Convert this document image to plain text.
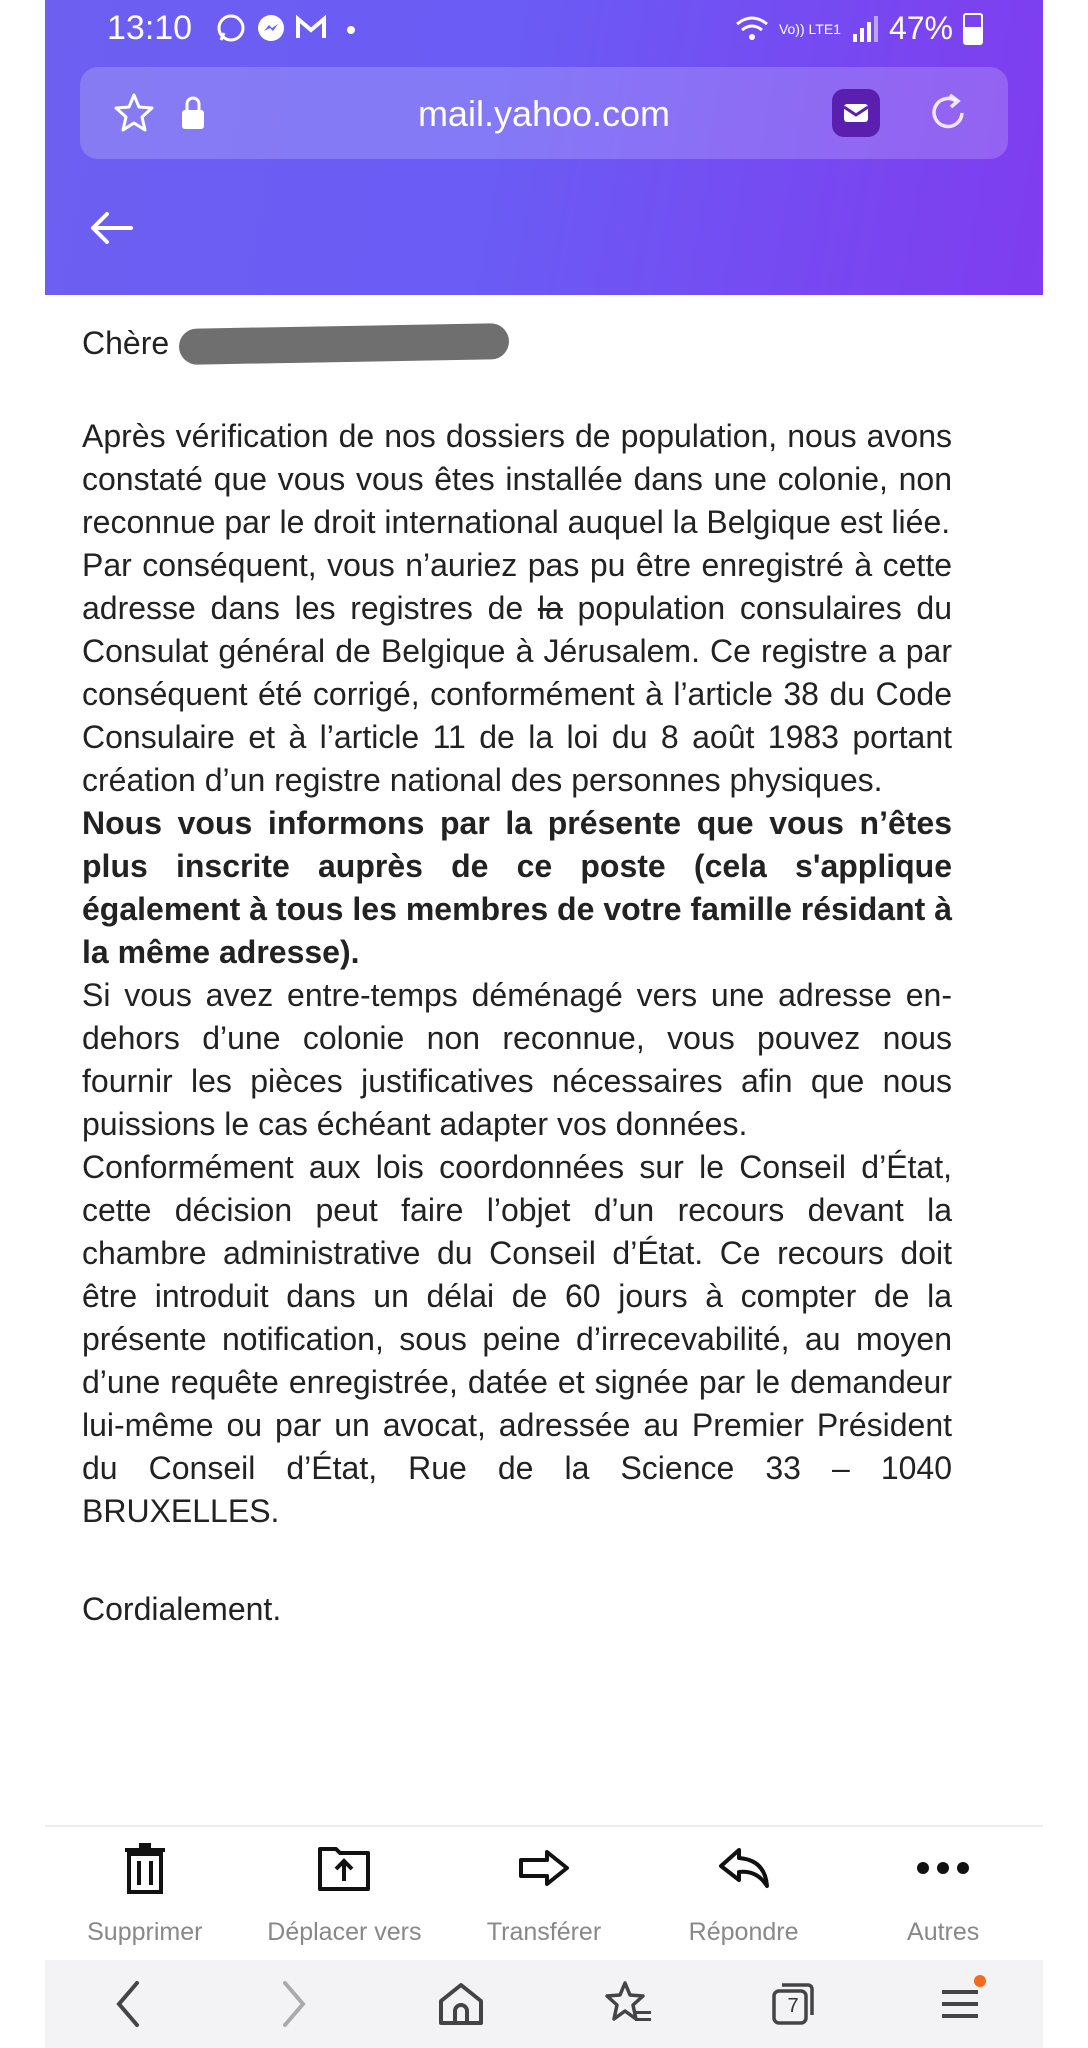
13:10	Vo)) LTE1 47%
mail.yahoo.com

Chère

Après vérification de nos dossiers de population, nous avons constaté que vous vous êtes installée dans une colonie, non reconnue par le droit international auquel la Belgique est liée.

Par conséquent, vous n’auriez pas pu être enregistré à cette adresse dans les registres de la population consulaires du Consulat général de Belgique à Jérusalem. Ce registre a par conséquent été corrigé, conformément à l’article 38 du Code Consulaire et à l’article 11 de la loi du 8 août 1983 portant création d’un registre national des personnes physiques.

Nous vous informons par la présente que vous n’êtes plus inscrite auprès de ce poste (cela s'applique également à tous les membres de votre famille résidant à la même adresse).

Si vous avez entre-temps déménagé vers une adresse en-dehors d’une colonie non reconnue, vous pouvez nous fournir les pièces justificatives nécessaires afin que nous puissions le cas échéant adapter vos données.

Conformément aux lois coordonnées sur le Conseil d’État, cette décision peut faire l’objet d’un recours devant la chambre administrative du Conseil d’État. Ce recours doit être introduit dans un délai de 60 jours à compter de la présente notification, sous peine d’irrecevabilité, au moyen d’une requête enregistrée, datée et signée par le demandeur lui-même ou par un avocat, adressée au Premier Président du Conseil d’État, Rue de la Science 33 – 1040 BRUXELLES.

Cordialement.

Supprimer	Déplacer vers	Transférer	Répondre	Autres
7
